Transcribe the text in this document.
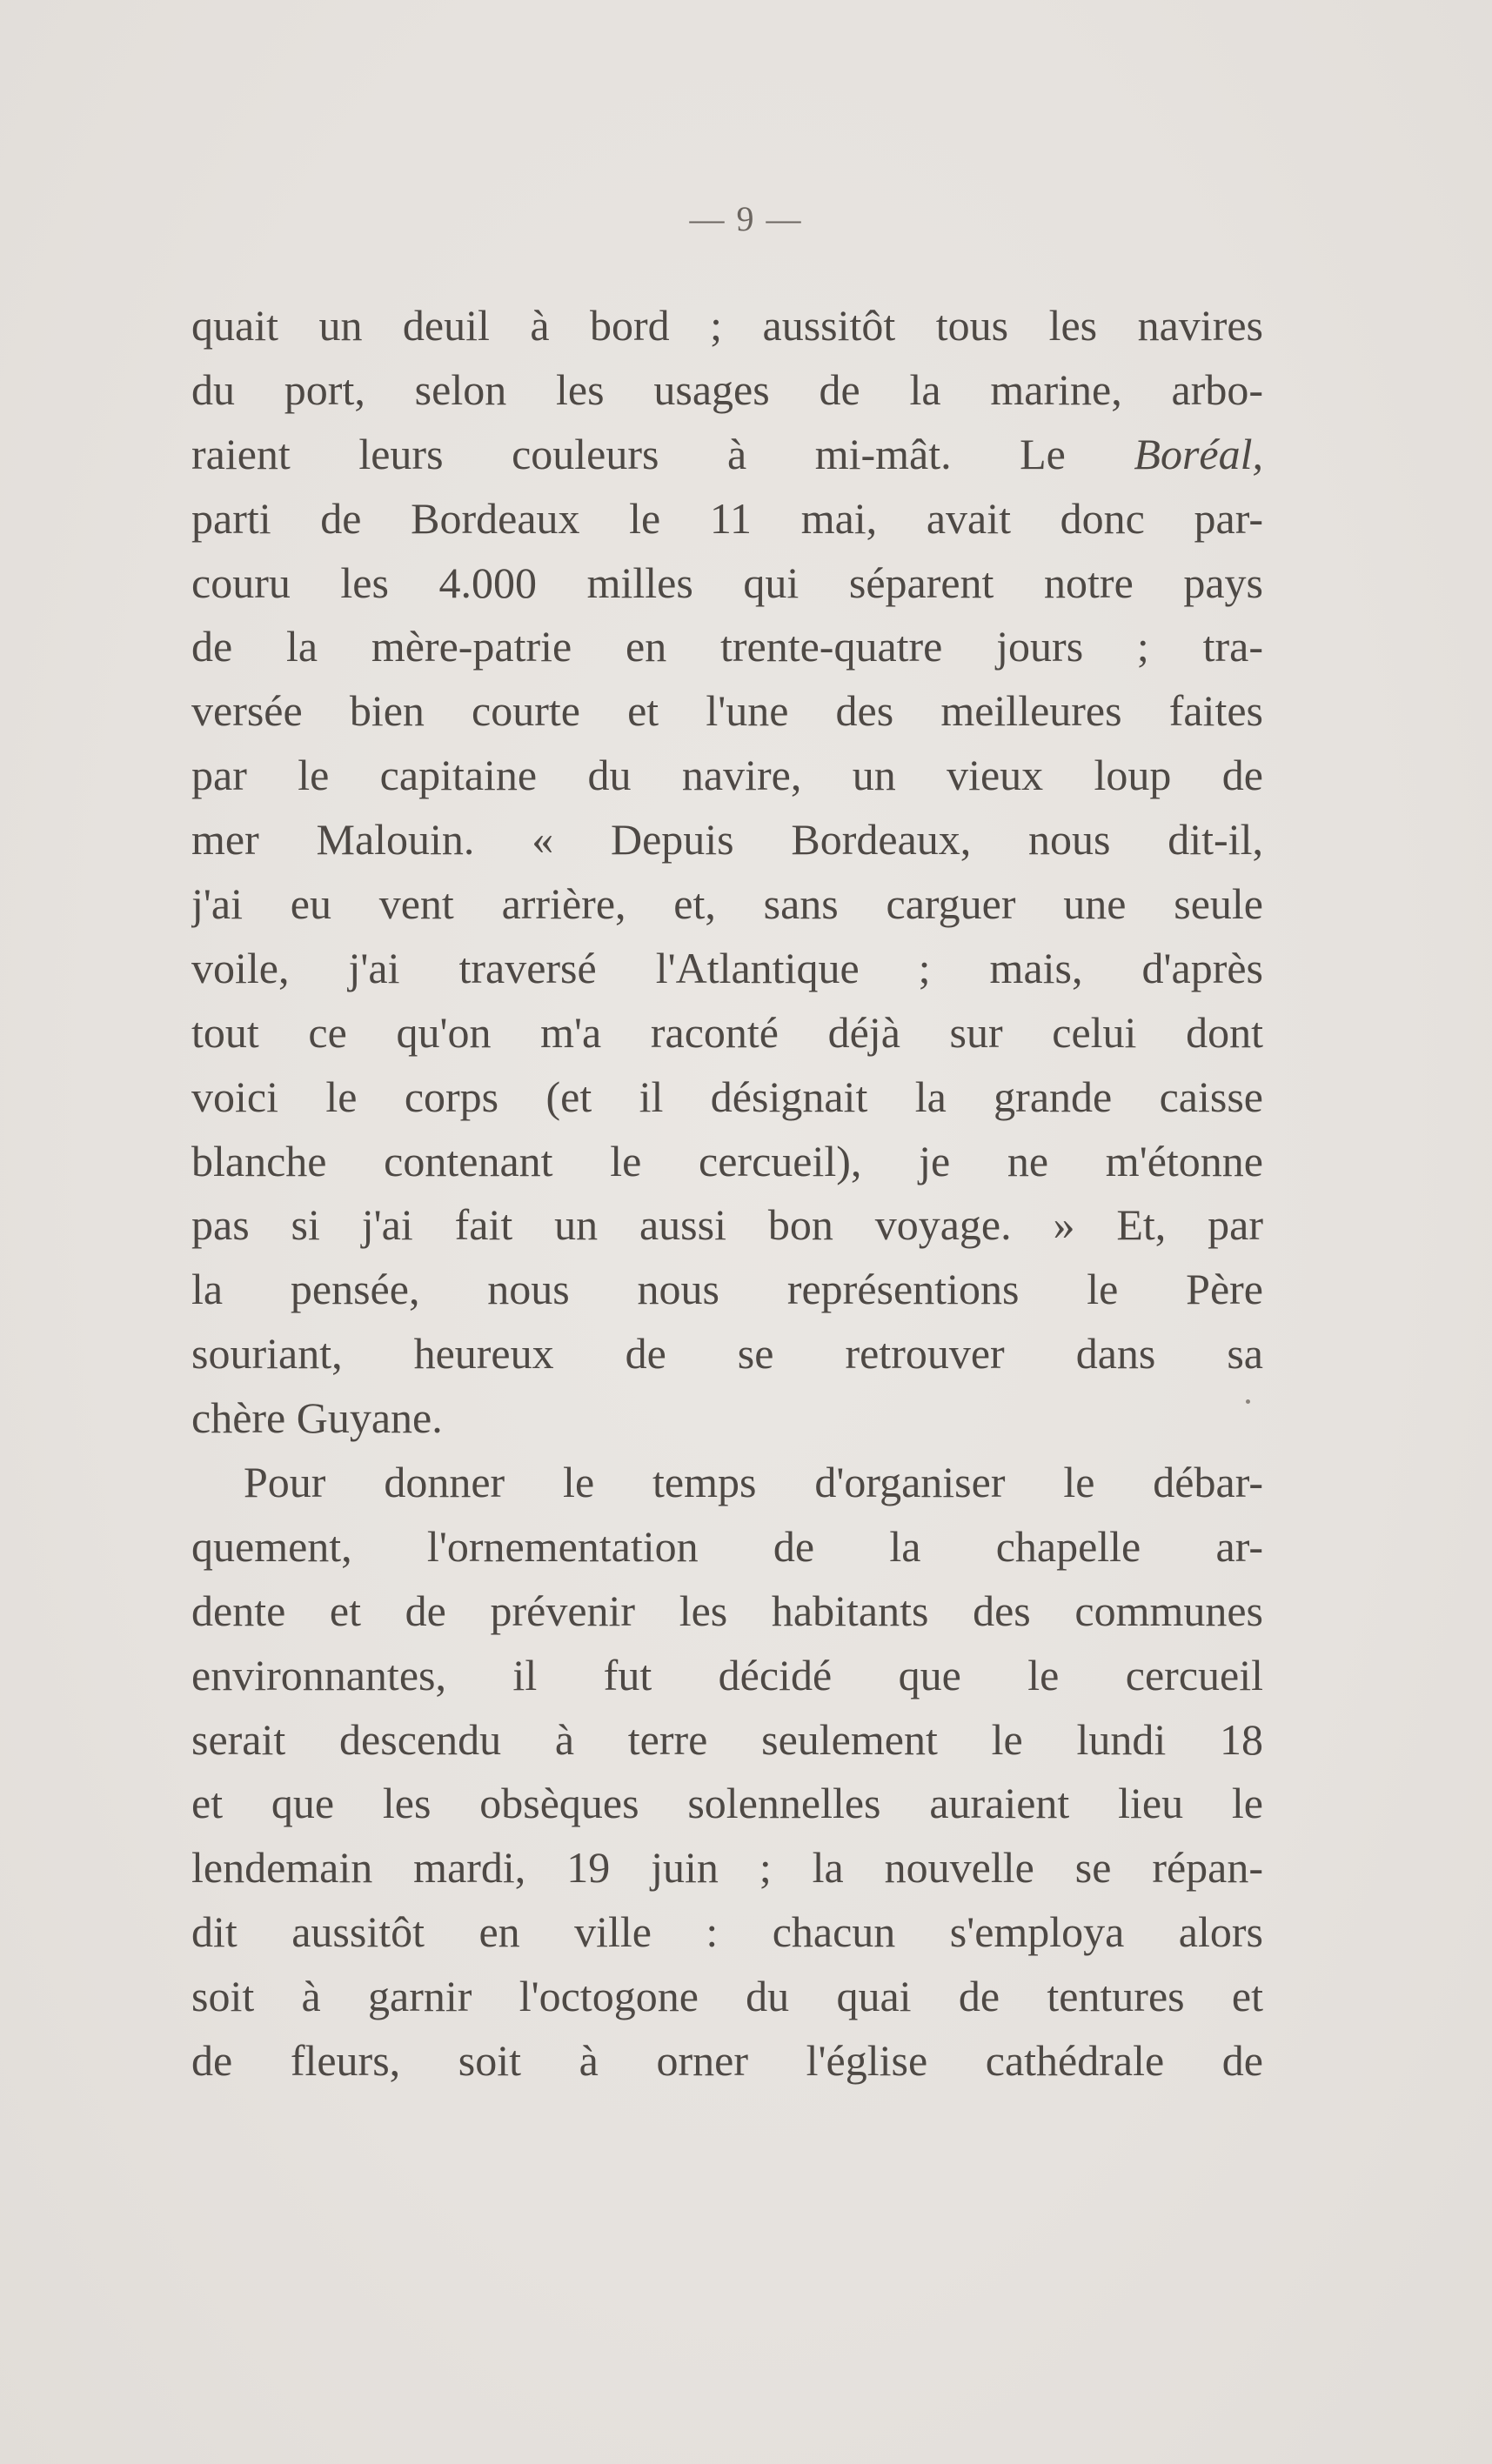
— 9 —
quait un deuil à bord ; aussitôt tous les navires
du port, selon les usages de la marine, arbo-
raient leurs couleurs à mi-mât. Le Boréal,
parti de Bordeaux le 11 mai, avait donc par-
couru les 4.000 milles qui séparent notre pays
de la mère-patrie en trente-quatre jours ; tra-
versée bien courte et l'une des meilleures faites
par le capitaine du navire, un vieux loup de
mer Malouin. « Depuis Bordeaux, nous dit-il,
j'ai eu vent arrière, et, sans carguer une seule
voile, j'ai traversé l'Atlantique ; mais, d'après
tout ce qu'on m'a raconté déjà sur celui dont
voici le corps (et il désignait la grande caisse
blanche contenant le cercueil), je ne m'étonne
pas si j'ai fait un aussi bon voyage. » Et, par
la pensée, nous nous représentions le Père
souriant, heureux de se retrouver dans sa
chère Guyane.
Pour donner le temps d'organiser le débar-
quement, l'ornementation de la chapelle ar-
dente et de prévenir les habitants des communes
environnantes, il fut décidé que le cercueil
serait descendu à terre seulement le lundi 18
et que les obsèques solennelles auraient lieu le
lendemain mardi, 19 juin ; la nouvelle se répan-
dit aussitôt en ville : chacun s'employa alors
soit à garnir l'octogone du quai de tentures et
de fleurs, soit à orner l'église cathédrale de
